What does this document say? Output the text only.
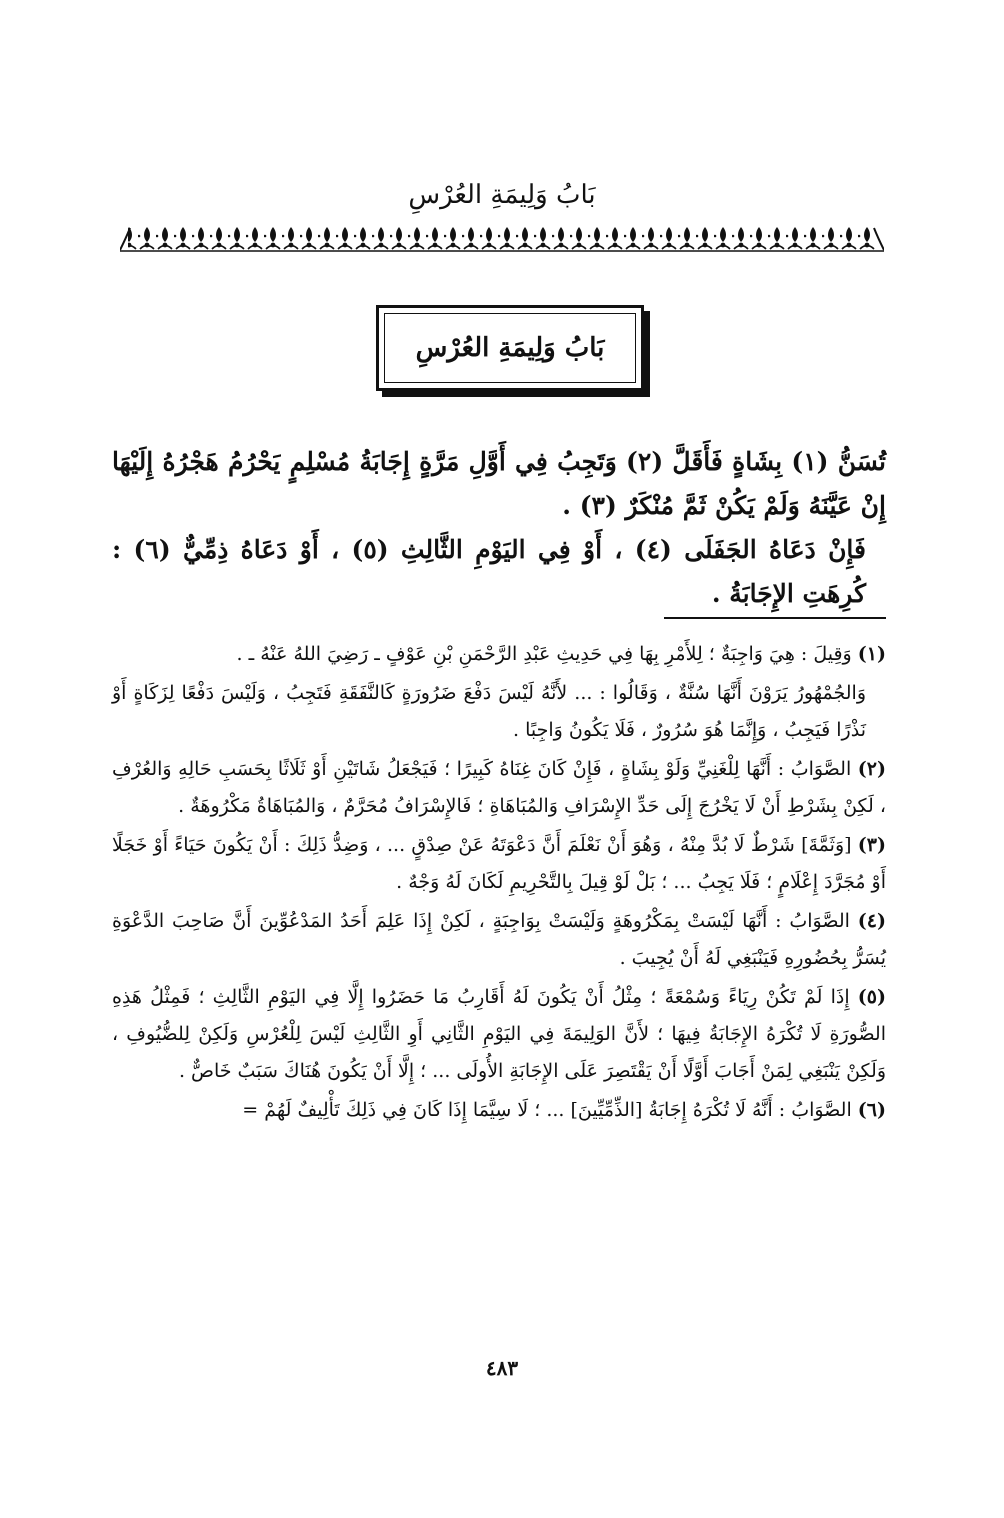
بَابُ وَلِيمَةِ العُرْسِ
بَابُ وَلِيمَةِ العُرْسِ

تُسَنُّ (١) بِشَاةٍ فَأَقَلَّ (٢) وَتَجِبُ فِي أَوَّلِ مَرَّةٍ إِجَابَةُ مُسْلِمٍ يَحْرُمُ هَجْرُهُ إِلَيْهَا إِنْ عَيَّنَهُ وَلَمْ يَكُنْ ثَمَّ مُنْكَرٌ (٣) .

فَإِنْ دَعَاهُ الجَفَلَى (٤) ، أَوْ فِي اليَوْمِ الثَّالِثِ (٥) ، أَوْ دَعَاهُ ذِمِّيٌّ (٦) : كُرِهَتِ الإِجَابَةُ .

(١) وَقِيلَ : هِيَ وَاجِبَةٌ ؛ لِلأَمْرِ بِهَا فِي حَدِيثِ عَبْدِ الرَّحْمَنِ بْنِ عَوْفٍ ـ رَضِيَ اللهُ عَنْهُ ـ .

وَالجُمْهُورُ يَرَوْنَ أَنَّهَا سُنَّةٌ ، وَقَالُوا : ... لأَنَّهُ لَيْسَ دَفْعَ ضَرُورَةٍ كَالنَّفَقَةِ فَتَجِبُ ، وَلَيْسَ دَفْعًا لِزَكَاةٍ أَوْ نَذْرًا فَيَجِبُ ، وَإِنَّمَا هُوَ سُرُورٌ ، فَلَا يَكُونُ وَاجِبًا .

(٢) الصَّوَابُ : أَنَّهَا لِلْغَنِيِّ وَلَوْ بِشَاةٍ ، فَإِنْ كَانَ غِنَاهُ كَبِيرًا ؛ فَيَجْعَلُ شَاتَيْنِ أَوْ ثَلَاثًا بِحَسَبِ حَالِهِ وَالعُرْفِ ، لَكِنْ بِشَرْطِ أَنْ لَا يَخْرُجَ إِلَى حَدِّ الإِسْرَافِ وَالمُبَاهَاةِ ؛ فَالإِسْرَافُ مُحَرَّمٌ ، وَالمُبَاهَاةُ مَكْرُوهَةٌ .

(٣) [وَثَمَّةَ] شَرْطٌ لَا بُدَّ مِنْهُ ، وَهُوَ أَنْ نَعْلَمَ أَنَّ دَعْوَتَهُ عَنْ صِدْقٍ ... ، وَضِدُّ ذَلِكَ : أَنْ يَكُونَ حَيَاءً أَوْ خَجَلًا أَوْ مُجَرَّدَ إِعْلَامٍ ؛ فَلَا يَجِبُ ... ؛ بَلْ لَوْ قِيلَ بِالتَّحْرِيمِ لَكَانَ لَهُ وَجْهٌ .

(٤) الصَّوَابُ : أَنَّهَا لَيْسَتْ بِمَكْرُوهَةٍ وَلَيْسَتْ بِوَاجِبَةٍ ، لَكِنْ إِذَا عَلِمَ أَحَدُ المَدْعُوِّينَ أَنَّ صَاحِبَ الدَّعْوَةِ يُسَرُّ بِحُضُورِهِ فَيَنْبَغِي لَهُ أَنْ يُجِيبَ .

(٥) إِذَا لَمْ تَكُنْ رِيَاءً وَسُمْعَةً ؛ مِثْلُ أَنْ يَكُونَ لَهُ أَقَارِبُ مَا حَضَرُوا إِلَّا فِي اليَوْمِ الثَّالِثِ ؛ فَمِثْلُ هَذِهِ الصُّورَةِ لَا تُكْرَهُ الإِجَابَةُ فِيهَا ؛ لأَنَّ الوَلِيمَةَ فِي اليَوْمِ الثَّانِي أَوِ الثَّالِثِ لَيْسَ لِلْعُرْسِ وَلَكِنْ لِلضُّيُوفِ ، وَلَكِنْ يَنْبَغِي لِمَنْ أَجَابَ أَوَّلًا أَنْ يَقْتَصِرَ عَلَى الإِجَابَةِ الأُولَى ... ؛ إِلَّا أَنْ يَكُونَ هُنَاكَ سَبَبٌ خَاصٌّ .

(٦) الصَّوَابُ : أَنَّهُ لَا تُكْرَهُ إِجَابَةُ [الذِّمِّيِّينَ] ... ؛ لَا سِيَّمَا إِذَا كَانَ فِي ذَلِكَ تَأْلِيفٌ لَهُمْ =

٤٨٣
